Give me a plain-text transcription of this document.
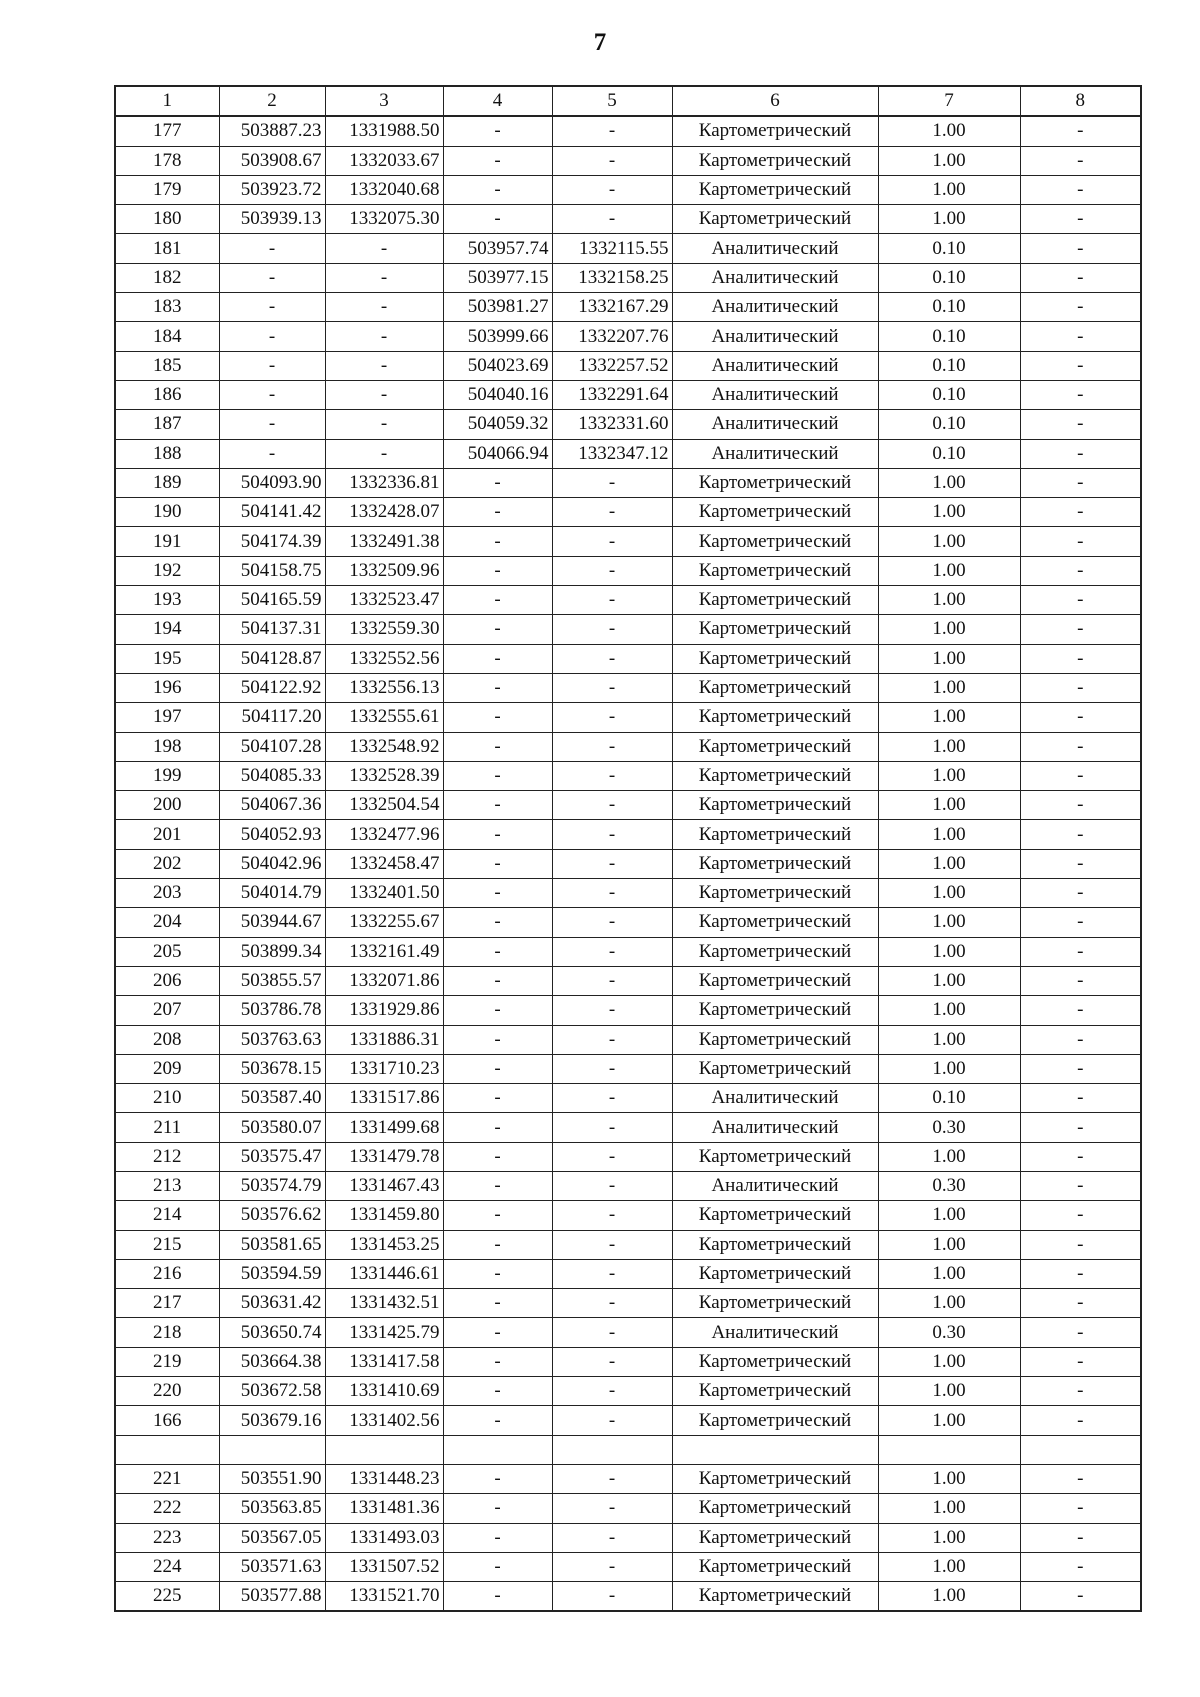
7
1	2	3	4	5	6	7	8
177	503887.23	1331988.50	-	-	Картометрический	1.00	-
178	503908.67	1332033.67	-	-	Картометрический	1.00	-
179	503923.72	1332040.68	-	-	Картометрический	1.00	-
180	503939.13	1332075.30	-	-	Картометрический	1.00	-
181	-	-	503957.74	1332115.55	Аналитический	0.10	-
182	-	-	503977.15	1332158.25	Аналитический	0.10	-
183	-	-	503981.27	1332167.29	Аналитический	0.10	-
184	-	-	503999.66	1332207.76	Аналитический	0.10	-
185	-	-	504023.69	1332257.52	Аналитический	0.10	-
186	-	-	504040.16	1332291.64	Аналитический	0.10	-
187	-	-	504059.32	1332331.60	Аналитический	0.10	-
188	-	-	504066.94	1332347.12	Аналитический	0.10	-
189	504093.90	1332336.81	-	-	Картометрический	1.00	-
190	504141.42	1332428.07	-	-	Картометрический	1.00	-
191	504174.39	1332491.38	-	-	Картометрический	1.00	-
192	504158.75	1332509.96	-	-	Картометрический	1.00	-
193	504165.59	1332523.47	-	-	Картометрический	1.00	-
194	504137.31	1332559.30	-	-	Картометрический	1.00	-
195	504128.87	1332552.56	-	-	Картометрический	1.00	-
196	504122.92	1332556.13	-	-	Картометрический	1.00	-
197	504117.20	1332555.61	-	-	Картометрический	1.00	-
198	504107.28	1332548.92	-	-	Картометрический	1.00	-
199	504085.33	1332528.39	-	-	Картометрический	1.00	-
200	504067.36	1332504.54	-	-	Картометрический	1.00	-
201	504052.93	1332477.96	-	-	Картометрический	1.00	-
202	504042.96	1332458.47	-	-	Картометрический	1.00	-
203	504014.79	1332401.50	-	-	Картометрический	1.00	-
204	503944.67	1332255.67	-	-	Картометрический	1.00	-
205	503899.34	1332161.49	-	-	Картометрический	1.00	-
206	503855.57	1332071.86	-	-	Картометрический	1.00	-
207	503786.78	1331929.86	-	-	Картометрический	1.00	-
208	503763.63	1331886.31	-	-	Картометрический	1.00	-
209	503678.15	1331710.23	-	-	Картометрический	1.00	-
210	503587.40	1331517.86	-	-	Аналитический	0.10	-
211	503580.07	1331499.68	-	-	Аналитический	0.30	-
212	503575.47	1331479.78	-	-	Картометрический	1.00	-
213	503574.79	1331467.43	-	-	Аналитический	0.30	-
214	503576.62	1331459.80	-	-	Картометрический	1.00	-
215	503581.65	1331453.25	-	-	Картометрический	1.00	-
216	503594.59	1331446.61	-	-	Картометрический	1.00	-
217	503631.42	1331432.51	-	-	Картометрический	1.00	-
218	503650.74	1331425.79	-	-	Аналитический	0.30	-
219	503664.38	1331417.58	-	-	Картометрический	1.00	-
220	503672.58	1331410.69	-	-	Картометрический	1.00	-
166	503679.16	1331402.56	-	-	Картометрический	1.00	-

221	503551.90	1331448.23	-	-	Картометрический	1.00	-
222	503563.85	1331481.36	-	-	Картометрический	1.00	-
223	503567.05	1331493.03	-	-	Картометрический	1.00	-
224	503571.63	1331507.52	-	-	Картометрический	1.00	-
225	503577.88	1331521.70	-	-	Картометрический	1.00	-
